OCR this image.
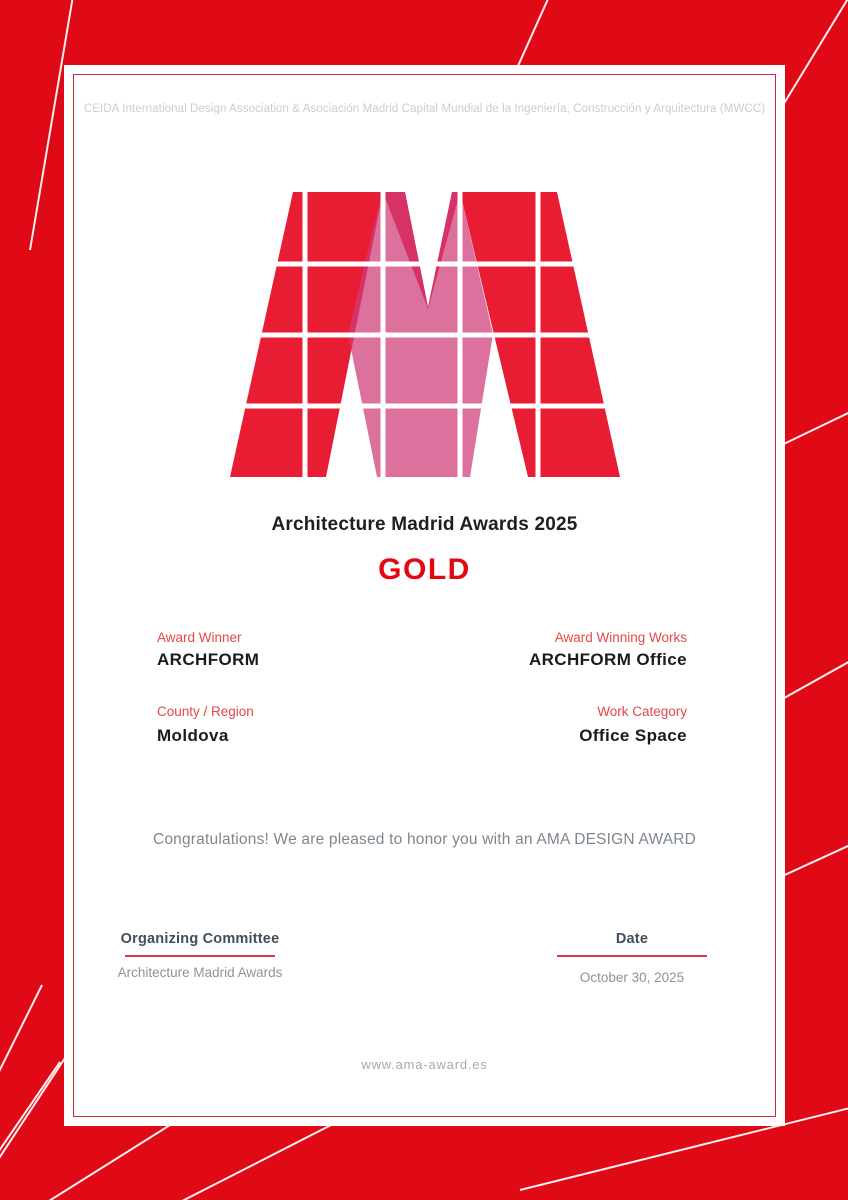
CEIDA International Design Association & Asociación Madrid Capital Mundial de la Ingeniería, Construcción y Arquitectura (MWCC)
Architecture Madrid Awards 2025
GOLD
Award Winner
ARCHFORM
Award Winning Works
ARCHFORM Office
County / Region
Moldova
Work Category
Office Space
Congratulations! We are pleased to honor you with an AMA DESIGN AWARD
Organizing Committee
Architecture Madrid Awards
Date
October 30, 2025
www.ama-award.es
